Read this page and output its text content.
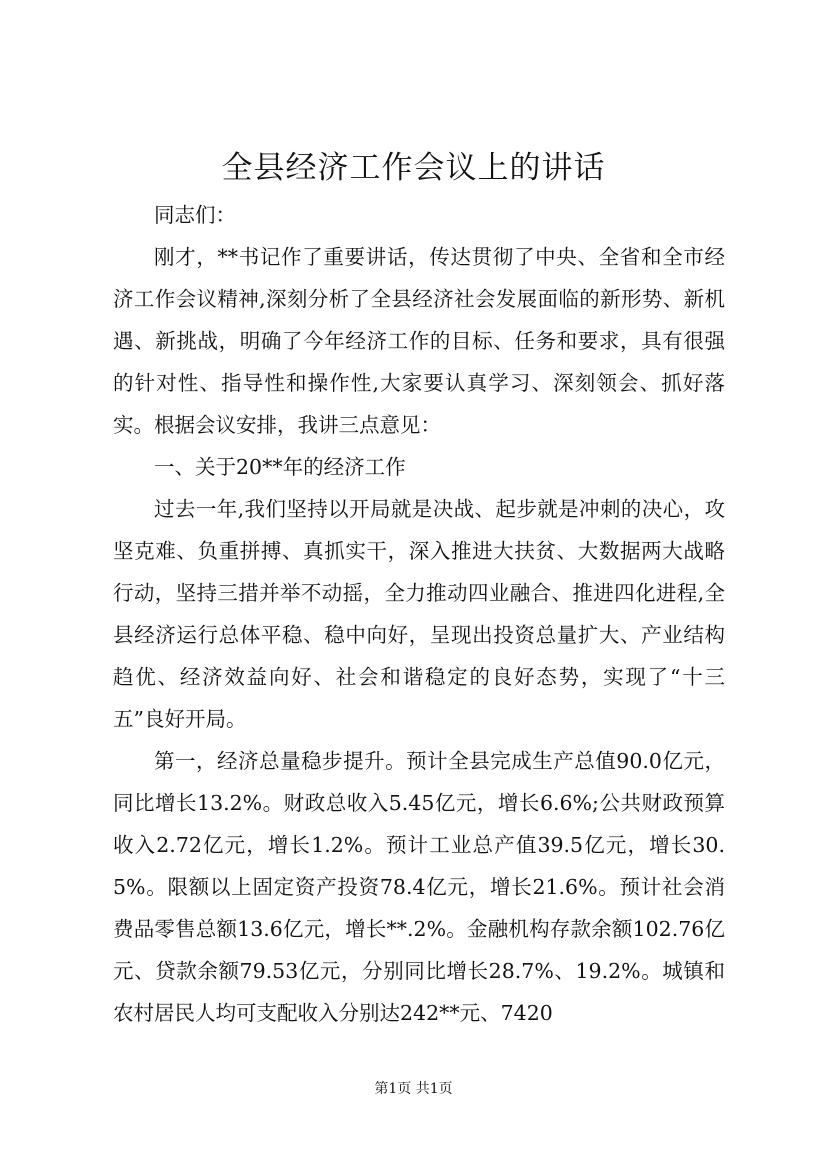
全县经济工作会议上的讲话

同志们：

刚才，**书记作了重要讲话，传达贯彻了中央、全省和全市经济工作会议精神,深刻分析了全县经济社会发展面临的新形势、新机遇、新挑战，明确了今年经济工作的目标、任务和要求，具有很强的针对性、指导性和操作性,大家要认真学习、深刻领会、抓好落实。根据会议安排，我讲三点意见：

一、关于20**年的经济工作

过去一年,我们坚持以开局就是决战、起步就是冲刺的决心，攻坚克难、负重拼搏、真抓实干，深入推进大扶贫、大数据两大战略行动，坚持三措并举不动摇，全力推动四业融合、推进四化进程,全县经济运行总体平稳、稳中向好，呈现出投资总量扩大、产业结构趋优、经济效益向好、社会和谐稳定的良好态势，实现了“十三五”良好开局。

第一，经济总量稳步提升。预计全县完成生产总值90.0亿元，同比增长13.2%。财政总收入5.45亿元，增长6.6%;公共财政预算收入2.72亿元，增长1.2%。预计工业总产值39.5亿元，增长30.5%。限额以上固定资产投资78.4亿元，增长21.6%。预计社会消费品零售总额13.6亿元，增长**.2%。金融机构存款余额102.76亿元、贷款余额79.53亿元，分别同比增长28.7%、19.2%。城镇和农村居民人均可支配收入分别达242**元、7420

第1页 共1页
